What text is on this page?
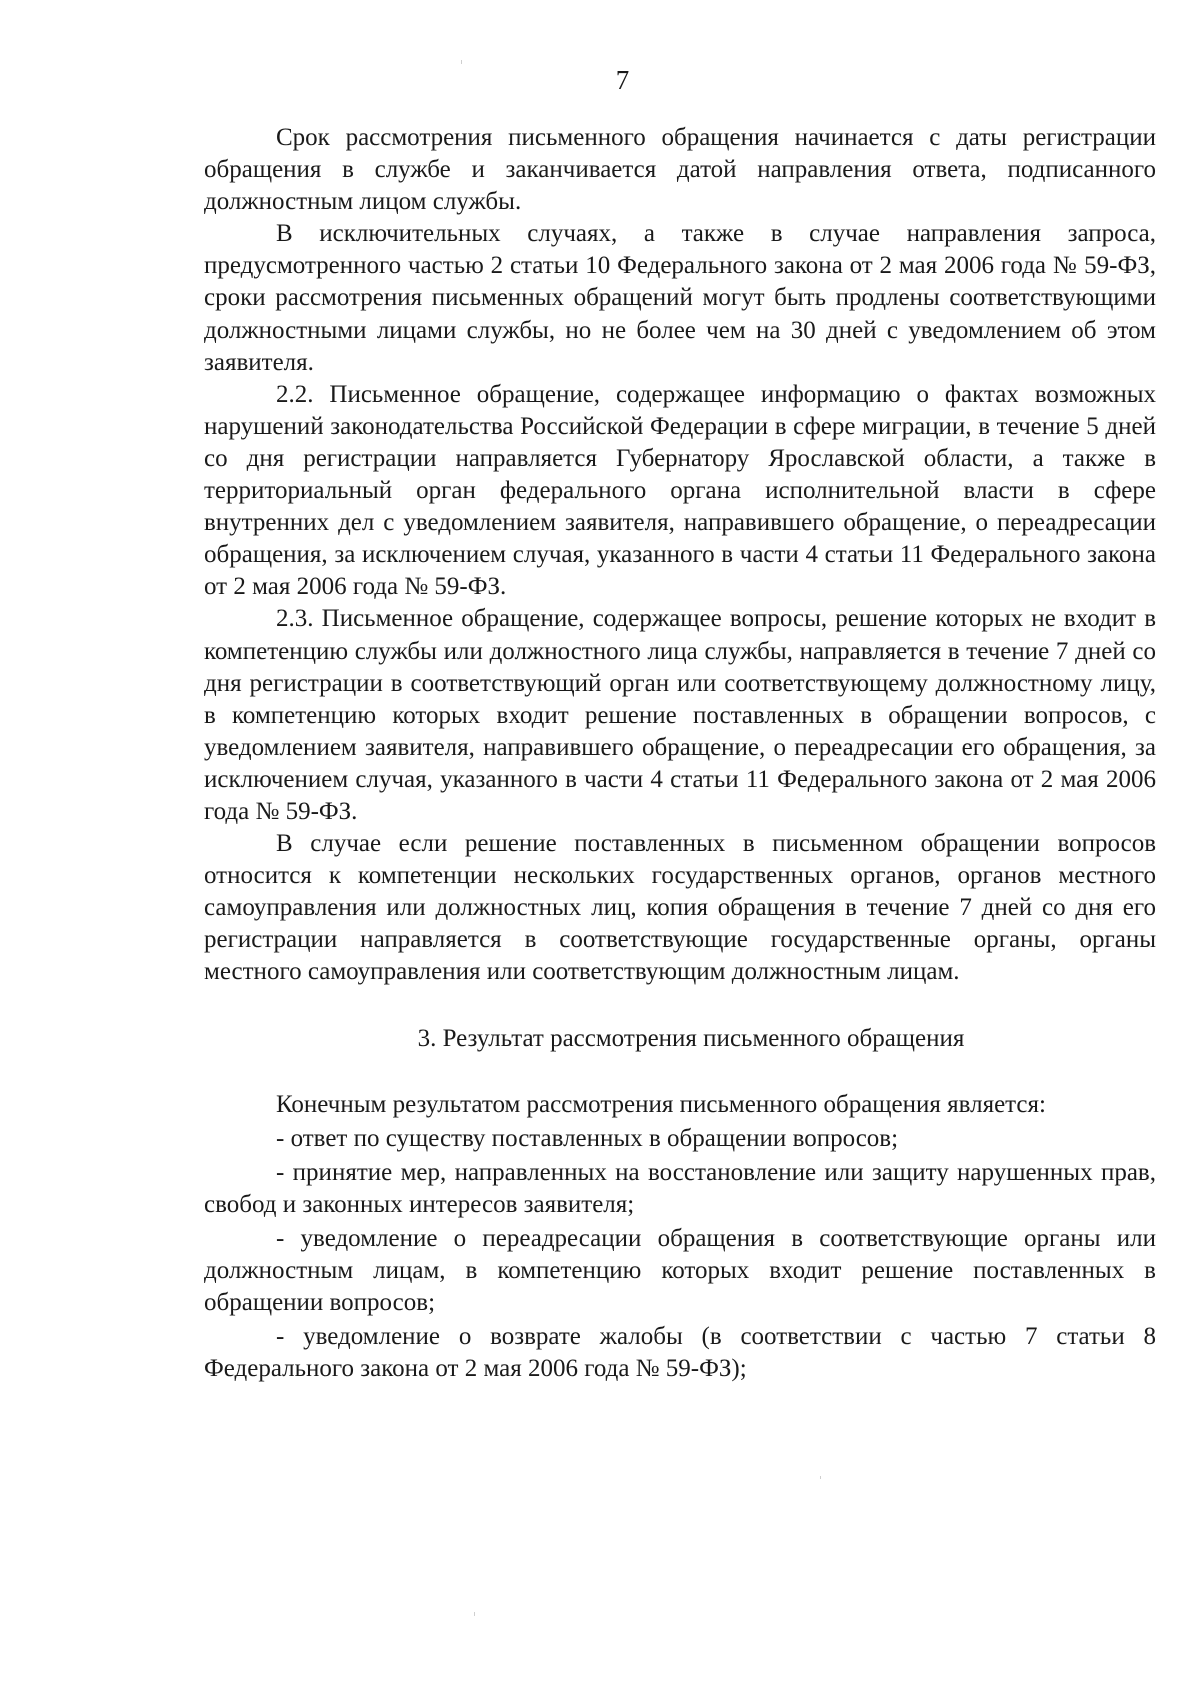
7

Срок рассмотрения письменного обращения начинается с даты регистрации обращения в службе и заканчивается датой направления ответа, подписанного должностным лицом службы.

В исключительных случаях, а также в случае направления запроса, предусмотренного частью 2 статьи 10 Федерального закона от 2 мая 2006 года № 59-ФЗ, сроки рассмотрения письменных обращений могут быть продлены соответствующими должностными лицами службы, но не более чем на 30 дней с уведомлением об этом заявителя.

2.2. Письменное обращение, содержащее информацию о фактах возможных нарушений законодательства Российской Федерации в сфере миграции, в течение 5 дней со дня регистрации направляется Губернатору Ярославской области, а также в территориальный орган федерального органа исполнительной власти в сфере внутренних дел с уведомлением заявителя, направившего обращение, о переадресации обращения, за исключением случая, указанного в части 4 статьи 11 Федерального закона от 2 мая 2006 года № 59-ФЗ.

2.3. Письменное обращение, содержащее вопросы, решение которых не входит в компетенцию службы или должностного лица службы, направляется в течение 7 дней со дня регистрации в соответствующий орган или соответствующему должностному лицу, в компетенцию которых входит решение поставленных в обращении вопросов, с уведомлением заявителя, направившего обращение, о переадресации его обращения, за исключением случая, указанного в части 4 статьи 11 Федерального закона от 2 мая 2006 года № 59-ФЗ.

В случае если решение поставленных в письменном обращении вопросов относится к компетенции нескольких государственных органов, органов местного самоуправления или должностных лиц, копия обращения в течение 7 дней со дня его регистрации направляется в соответствующие государственные органы, органы местного самоуправления или соответствующим должностным лицам.

3. Результат рассмотрения письменного обращения

Конечным результатом рассмотрения письменного обращения является:

- ответ по существу поставленных в обращении вопросов;

- принятие мер, направленных на восстановление или защиту нарушенных прав, свобод и законных интересов заявителя;

- уведомление о переадресации обращения в соответствующие органы или должностным лицам, в компетенцию которых входит решение поставленных в обращении вопросов;

- уведомление о возврате жалобы (в соответствии с частью 7 статьи 8 Федерального закона от 2 мая 2006 года № 59-ФЗ);
